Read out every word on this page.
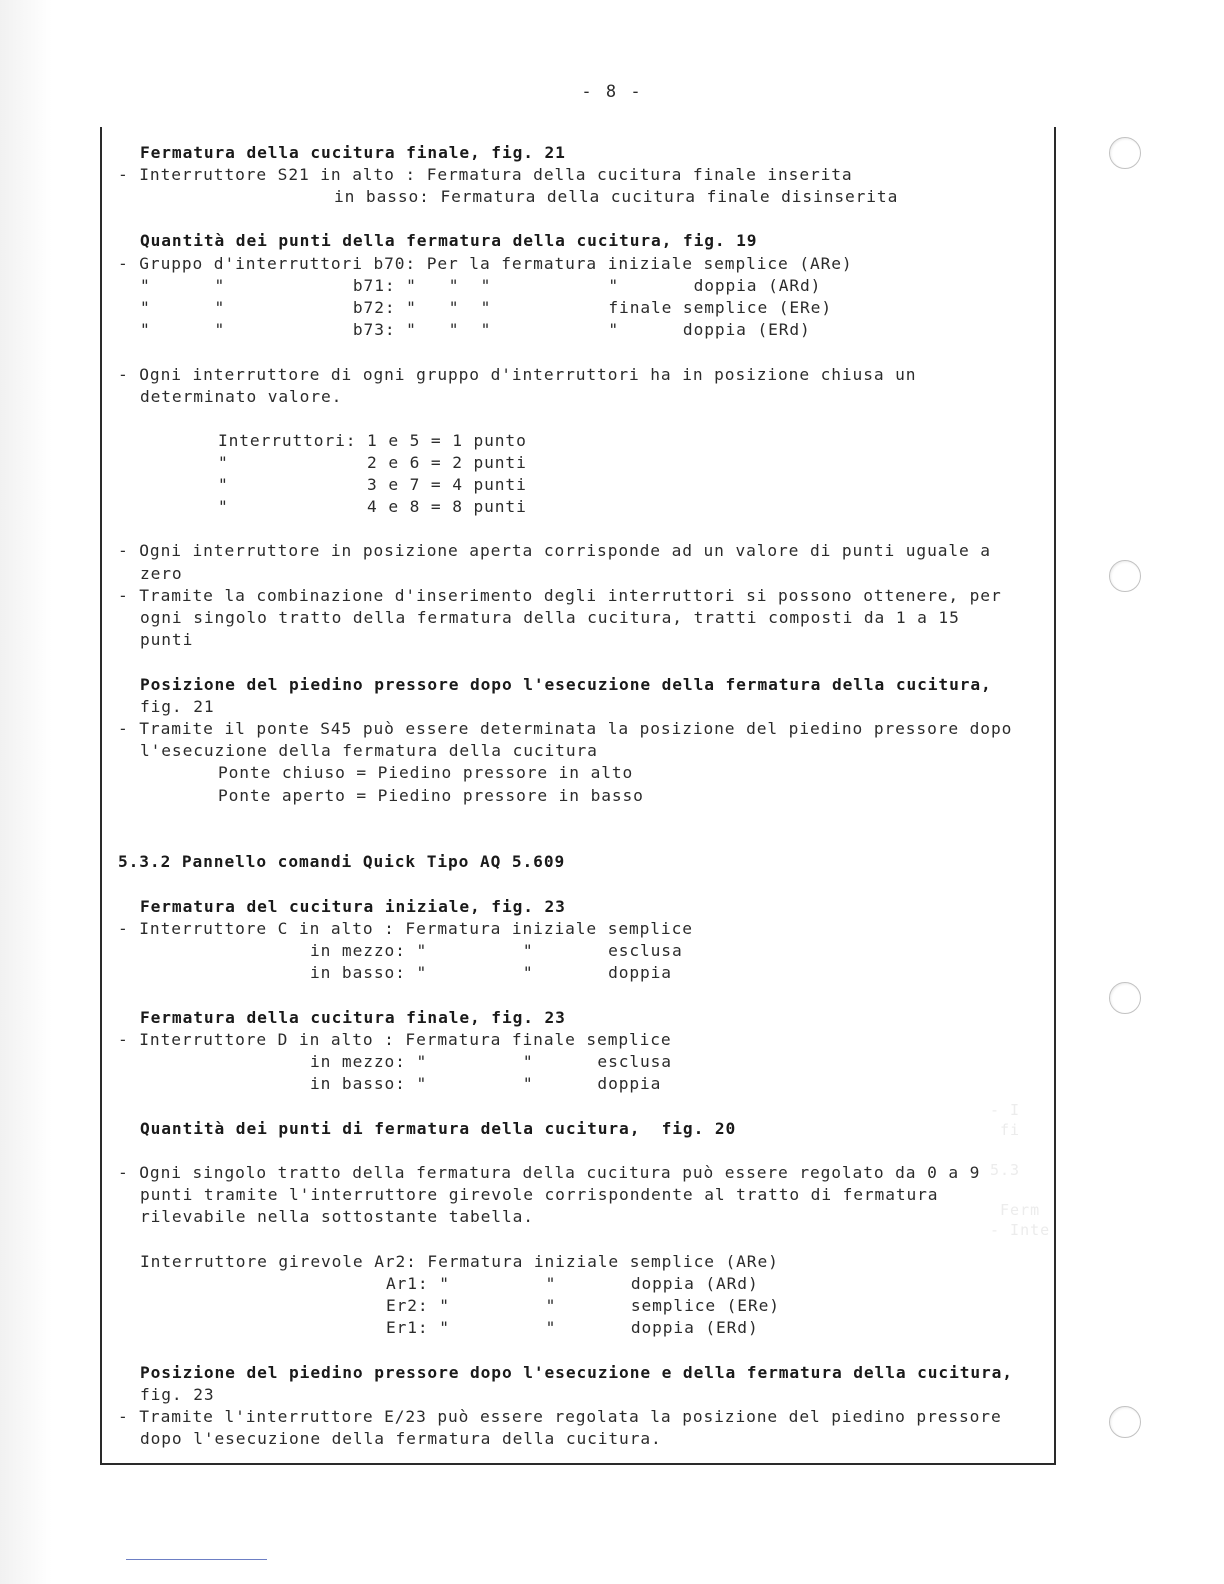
- 8 -
- I
fi

5.3

Ferm
- Inte
Fermatura della cucitura finale, fig. 21
- Interruttore S21 in alto : Fermatura della cucitura finale inserita
in basso: Fermatura della cucitura finale disinserita
Quantità dei punti della fermatura della cucitura, fig. 19
- Gruppo d'interruttori b70: Per la fermatura iniziale semplice (ARe)
"      "            b71: "   "  "           "       doppia (ARd)
"      "            b72: "   "  "           finale semplice (ERe)
"      "            b73: "   "  "           "      doppia (ERd)
- Ogni interruttore di ogni gruppo d'interruttori ha in posizione chiusa un
determinato valore.
Interruttori: 1 e 5 = 1 punto
"             2 e 6 = 2 punti
"             3 e 7 = 4 punti
"             4 e 8 = 8 punti
- Ogni interruttore in posizione aperta corrisponde ad un valore di punti uguale a
zero
- Tramite la combinazione d'inserimento degli interruttori si possono ottenere, per
ogni singolo tratto della fermatura della cucitura, tratti composti da 1 a 15
punti
Posizione del piedino pressore dopo l'esecuzione della fermatura della cucitura,
fig. 21
- Tramite il ponte S45 può essere determinata la posizione del piedino pressore dopo
l'esecuzione della fermatura della cucitura
Ponte chiuso = Piedino pressore in alto
Ponte aperto = Piedino pressore in basso
5.3.2 Pannello comandi Quick Tipo AQ 5.609
Fermatura del cucitura iniziale, fig. 23
- Interruttore C in alto : Fermatura iniziale semplice
in mezzo: "         "       esclusa
in basso: "         "       doppia
Fermatura della cucitura finale, fig. 23
- Interruttore D in alto : Fermatura finale semplice
in mezzo: "         "      esclusa
in basso: "         "      doppia
Quantità dei punti di fermatura della cucitura,  fig. 20
- Ogni singolo tratto della fermatura della cucitura può essere regolato da 0 a 9
punti tramite l'interruttore girevole corrispondente al tratto di fermatura
rilevabile nella sottostante tabella.
Interruttore girevole Ar2: Fermatura iniziale semplice (ARe)
Ar1: "         "       doppia (ARd)
Er2: "         "       semplice (ERe)
Er1: "         "       doppia (ERd)
Posizione del piedino pressore dopo l'esecuzione e della fermatura della cucitura,
fig. 23
- Tramite l'interruttore E/23 può essere regolata la posizione del piedino pressore
dopo l'esecuzione della fermatura della cucitura.
